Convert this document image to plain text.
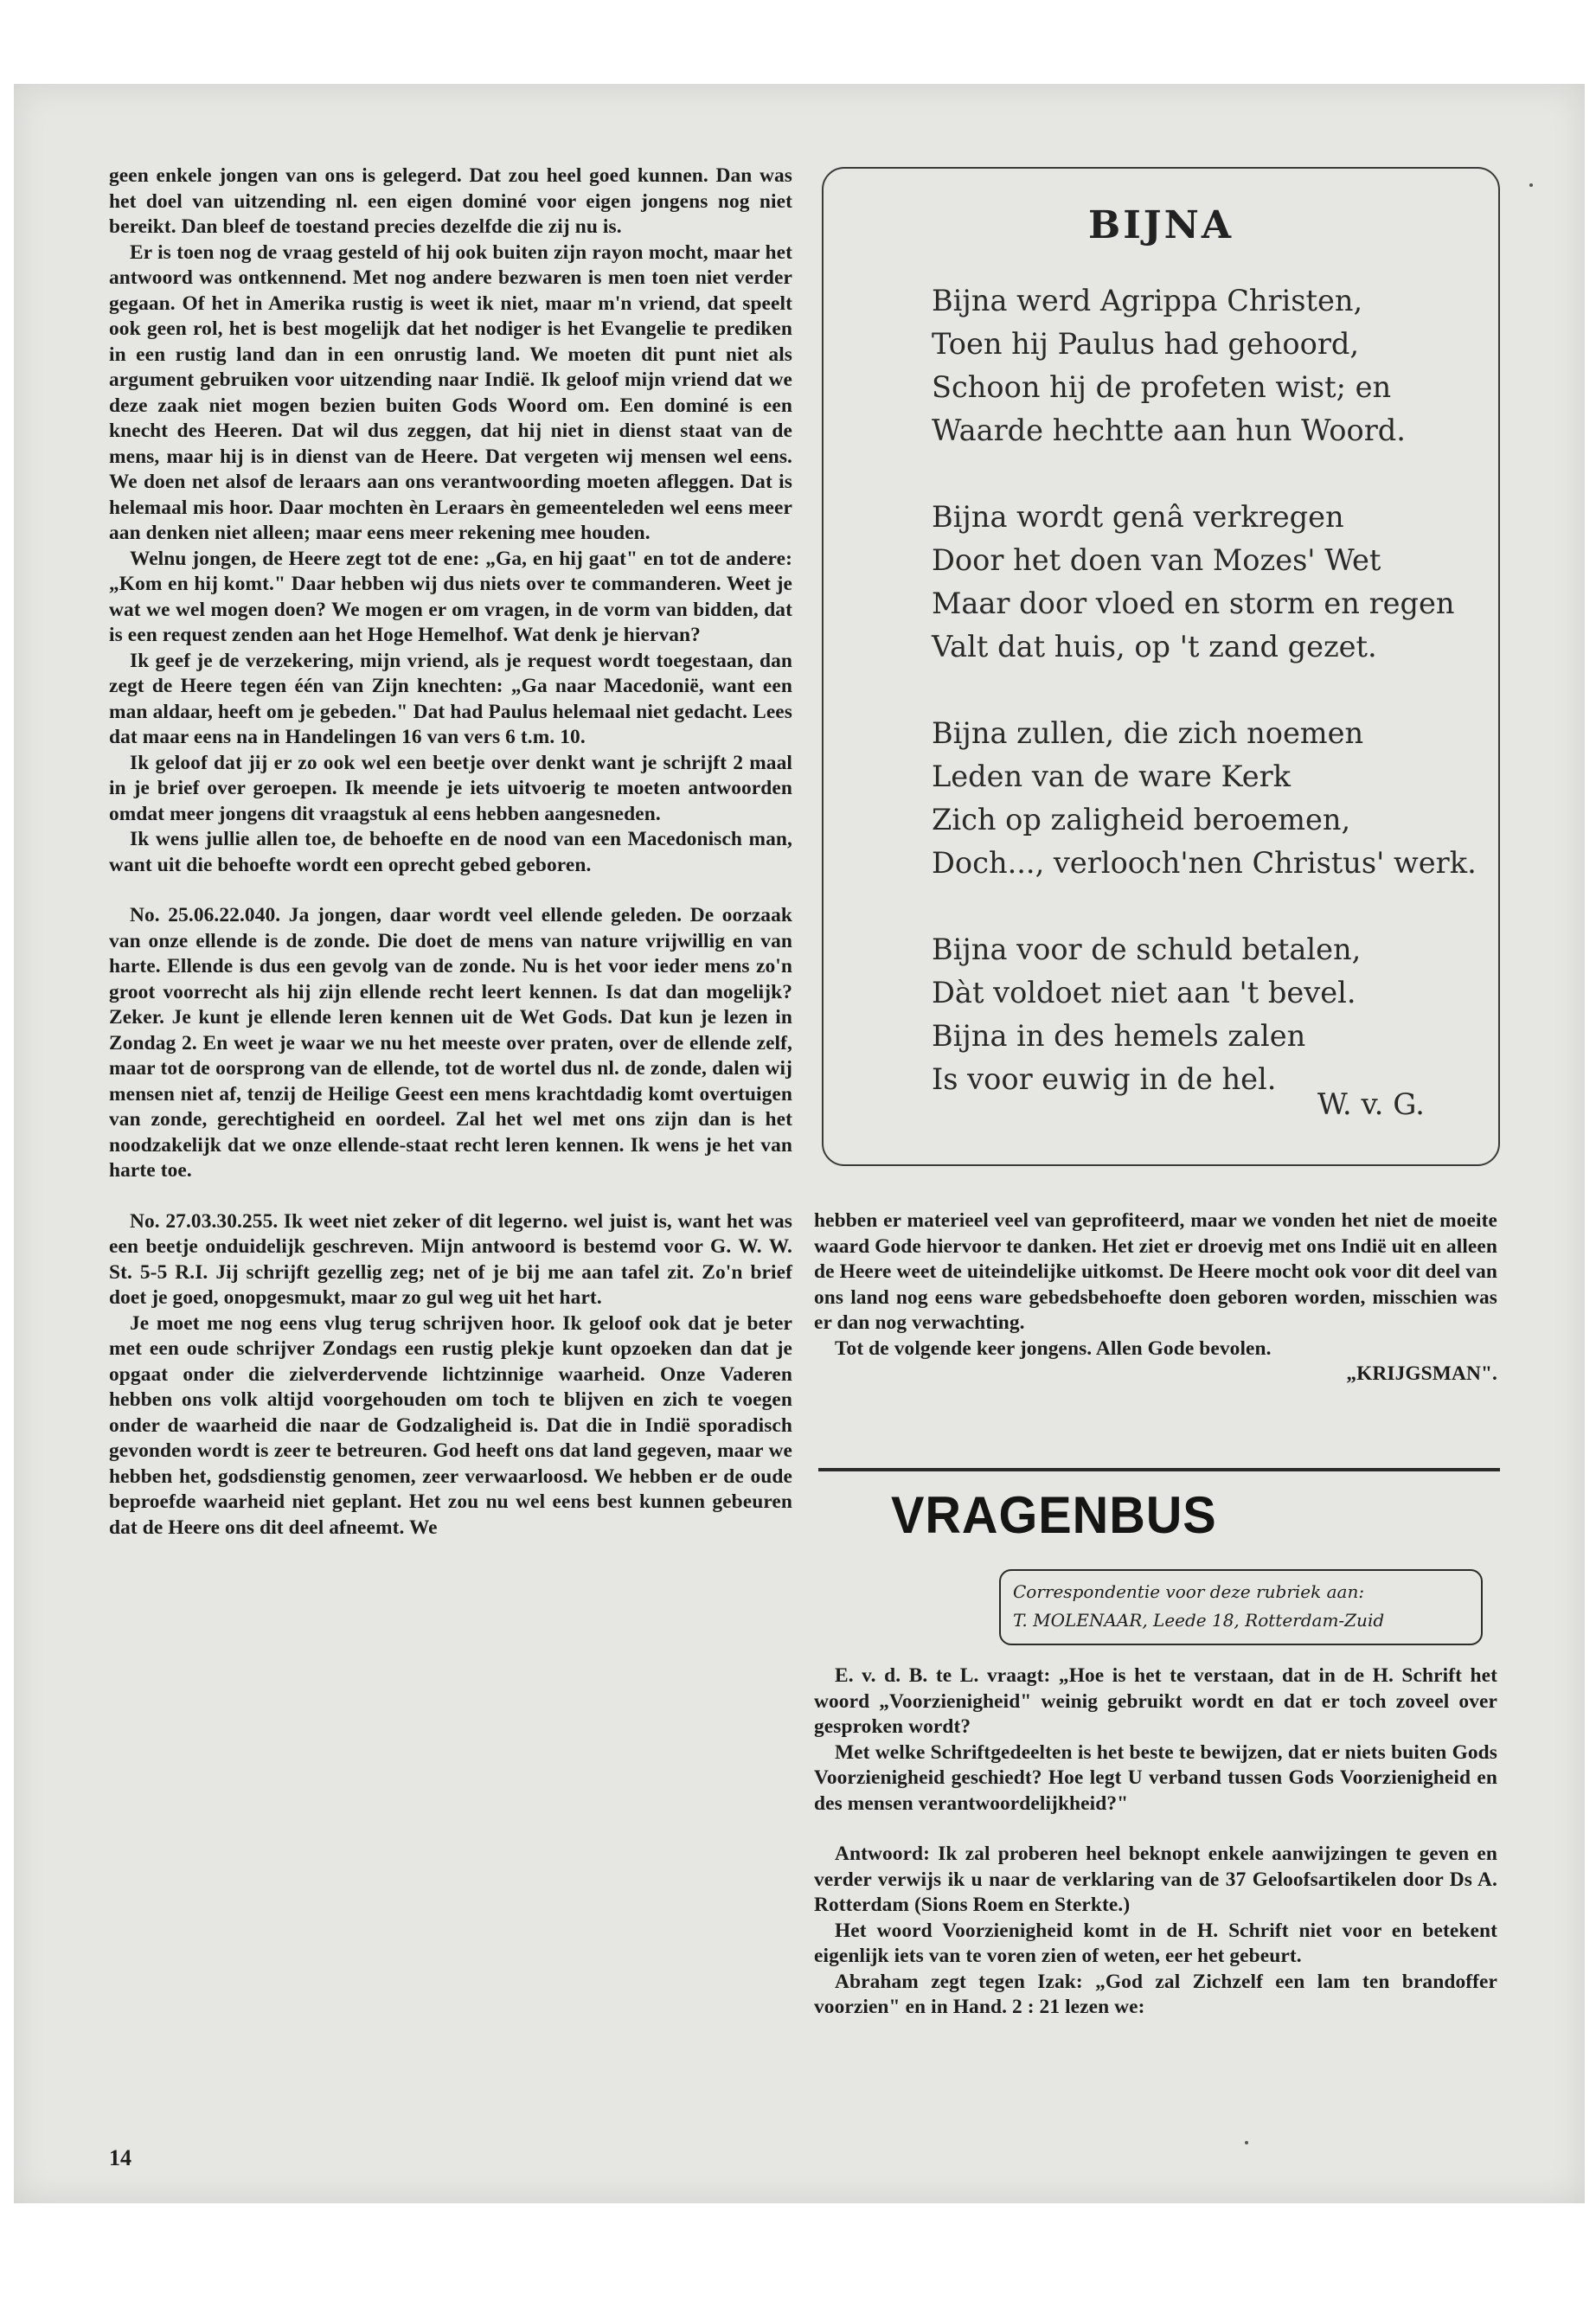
geen enkele jongen van ons is gelegerd. Dat zou heel goed kunnen. Dan was het doel van uitzending nl. een eigen dominé voor eigen jongens nog niet bereikt. Dan bleef de toestand precies dezelfde die zij nu is.

Er is toen nog de vraag gesteld of hij ook buiten zijn rayon mocht, maar het antwoord was ontkennend. Met nog andere bezwaren is men toen niet verder gegaan. Of het in Amerika rustig is weet ik niet, maar m'n vriend, dat speelt ook geen rol, het is best mogelijk dat het nodiger is het Evangelie te prediken in een rustig land dan in een onrustig land. We moeten dit punt niet als argument gebruiken voor uitzending naar Indië. Ik geloof mijn vriend dat we deze zaak niet mogen bezien buiten Gods Woord om. Een dominé is een knecht des Heeren. Dat wil dus zeggen, dat hij niet in dienst staat van de mens, maar hij is in dienst van de Heere. Dat vergeten wij mensen wel eens. We doen net alsof de leraars aan ons verantwoording moeten afleggen. Dat is helemaal mis hoor. Daar mochten èn Leraars èn gemeenteleden wel eens meer aan denken niet alleen; maar eens meer rekening mee houden.

Welnu jongen, de Heere zegt tot de ene: „Ga, en hij gaat" en tot de andere: „Kom en hij komt." Daar hebben wij dus niets over te commanderen. Weet je wat we wel mogen doen? We mogen er om vragen, in de vorm van bidden, dat is een request zenden aan het Hoge Hemelhof. Wat denk je hiervan?

Ik geef je de verzekering, mijn vriend, als je request wordt toegestaan, dan zegt de Heere tegen één van Zijn knechten: „Ga naar Macedonië, want een man aldaar, heeft om je gebeden." Dat had Paulus helemaal niet gedacht. Lees dat maar eens na in Handelingen 16 van vers 6 t.m. 10.

Ik geloof dat jij er zo ook wel een beetje over denkt want je schrijft 2 maal in je brief over geroepen. Ik meende je iets uitvoerig te moeten antwoorden omdat meer jongens dit vraagstuk al eens hebben aangesneden.

Ik wens jullie allen toe, de behoefte en de nood van een Macedonisch man, want uit die behoefte wordt een oprecht gebed geboren.

No. 25.06.22.040. Ja jongen, daar wordt veel ellende geleden. De oorzaak van onze ellende is de zonde. Die doet de mens van nature vrijwillig en van harte. Ellende is dus een gevolg van de zonde. Nu is het voor ieder mens zo'n groot voorrecht als hij zijn ellende recht leert kennen. Is dat dan mogelijk? Zeker. Je kunt je ellende leren kennen uit de Wet Gods. Dat kun je lezen in Zondag 2. En weet je waar we nu het meeste over praten, over de ellende zelf, maar tot de oorsprong van de ellende, tot de wortel dus nl. de zonde, dalen wij mensen niet af, tenzij de Heilige Geest een mens krachtdadig komt overtuigen van zonde, gerechtigheid en oordeel. Zal het wel met ons zijn dan is het noodzakelijk dat we onze ellende-staat recht leren kennen. Ik wens je het van harte toe.

No. 27.03.30.255. Ik weet niet zeker of dit legerno. wel juist is, want het was een beetje onduidelijk geschreven. Mijn antwoord is bestemd voor G. W. W. St. 5-5 R.I. Jij schrijft gezellig zeg; net of je bij me aan tafel zit. Zo'n brief doet je goed, onopgesmukt, maar zo gul weg uit het hart.

Je moet me nog eens vlug terug schrijven hoor. Ik geloof ook dat je beter met een oude schrijver Zondags een rustig plekje kunt opzoeken dan dat je opgaat onder die zielverdervende lichtzinnige waarheid. Onze Vaderen hebben ons volk altijd voorgehouden om toch te blijven en zich te voegen onder de waarheid die naar de Godzaligheid is. Dat die in Indië sporadisch gevonden wordt is zeer te betreuren. God heeft ons dat land gegeven, maar we hebben het, godsdienstig genomen, zeer verwaarloosd. We hebben er de oude beproefde waarheid niet geplant. Het zou nu wel eens best kunnen gebeuren dat de Heere ons dit deel afneemt. We

BIJNA
Bijna werd Agrippa Christen,
Toen hij Paulus had gehoord,
Schoon hij de profeten wist; en
Waarde hechtte aan hun Woord.
Bijna wordt genâ verkregen
Door het doen van Mozes' Wet
Maar door vloed en storm en regen
Valt dat huis, op 't zand gezet.
Bijna zullen, die zich noemen
Leden van de ware Kerk
Zich op zaligheid beroemen,
Doch..., verlooch'nen Christus' werk.
Bijna voor de schuld betalen,
Dàt voldoet niet aan 't bevel.
Bijna in des hemels zalen
Is voor euwig in de hel.
W. v. G.

hebben er materieel veel van geprofiteerd, maar we vonden het niet de moeite waard Gode hiervoor te danken. Het ziet er droevig met ons Indië uit en alleen de Heere weet de uiteindelijke uitkomst. De Heere mocht ook voor dit deel van ons land nog eens ware gebedsbehoefte doen geboren worden, misschien was er dan nog verwachting.

Tot de volgende keer jongens. Allen Gode bevolen.

„KRIJGSMAN".

VRAGENBUS
Correspondentie voor deze rubriek aan:
T. MOLENAAR, Leede 18, Rotterdam-Zuid

E. v. d. B. te L. vraagt: „Hoe is het te verstaan, dat in de H. Schrift het woord „Voorzienigheid" weinig gebruikt wordt en dat er toch zoveel over gesproken wordt?

Met welke Schriftgedeelten is het beste te bewijzen, dat er niets buiten Gods Voorzienigheid geschiedt? Hoe legt U verband tussen Gods Voorzienigheid en des mensen verantwoordelijkheid?"

Antwoord: Ik zal proberen heel beknopt enkele aanwijzingen te geven en verder verwijs ik u naar de verklaring van de 37 Geloofsartikelen door Ds A. Rotterdam (Sions Roem en Sterkte.)

Het woord Voorzienigheid komt in de H. Schrift niet voor en betekent eigenlijk iets van te voren zien of weten, eer het gebeurt.

Abraham zegt tegen Izak: „God zal Zichzelf een lam ten brandoffer voorzien" en in Hand. 2 : 21 lezen we:

14
